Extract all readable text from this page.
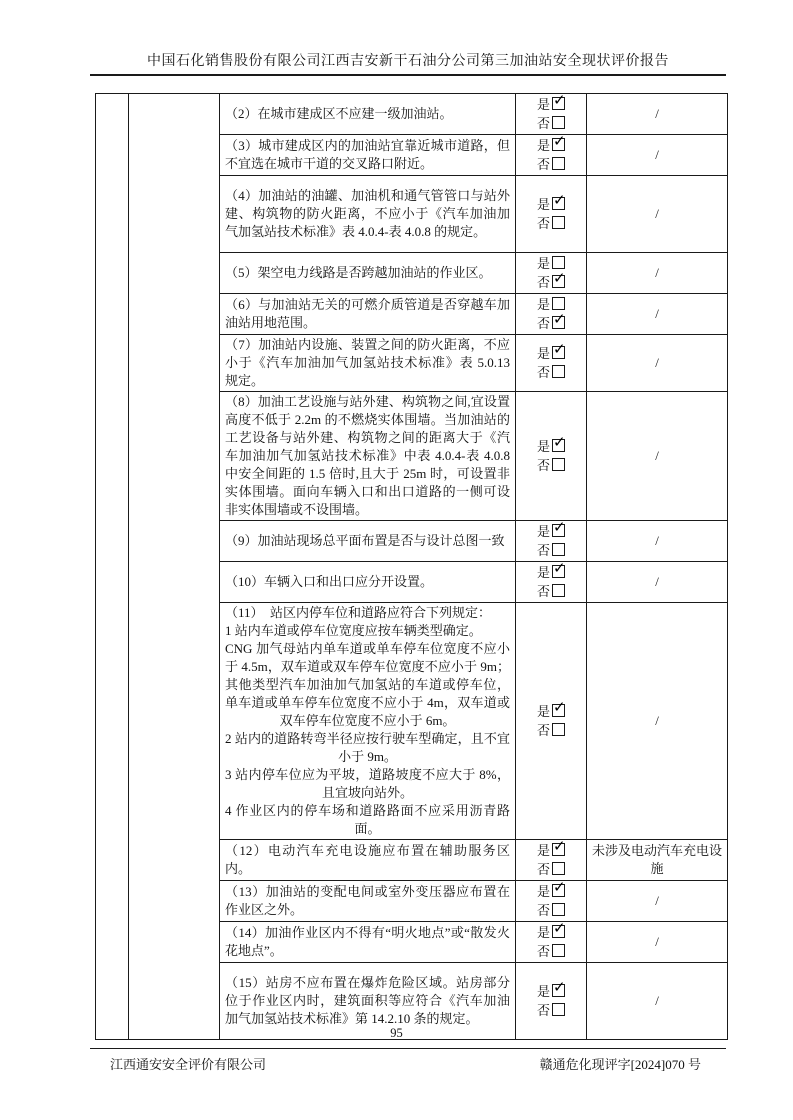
中国石化销售股份有限公司江西吉安新干石油分公司第三加油站安全现状评价报告

		（2）在城市建成区不应建一级加油站。	是✓
否	/

		（3）城市建成区内的加油站宜靠近城市道路，但不宜选在城市干道的交叉路口附近。	是✓
否	/

		（4）加油站的油罐、加油机和通气管管口与站外建、构筑物的防火距离，不应小于《汽车加油加气加氢站技术标准》表 4.0.4-表 4.0.8 的规定。	是✓
否	/

		（5）架空电力线路是否跨越加油站的作业区。	是
否✓	/

		（6）与加油站无关的可燃介质管道是否穿越车加油站用地范围。	是
否✓	/

		（7）加油站内设施、装置之间的防火距离，不应小于《汽车加油加气加氢站技术标准》表 5.0.13 规定。	是✓
否	/

		（8）加油工艺设施与站外建、构筑物之间,宜设置高度不低于 2.2m 的不燃烧实体围墙。当加油站的工艺设备与站外建、构筑物之间的距离大于《汽车加油加气加氢站技术标准》中表 4.0.4-表 4.0.8 中安全间距的 1.5 倍时,且大于 25m 时，可设置非实体围墙。面向车辆入口和出口道路的一侧可设非实体围墙或不设围墙。	是✓
否	/

		（9）加油站现场总平面布置是否与设计总图一致	是✓
否	/

		（10）车辆入口和出口应分开设置。	是✓
否	/

（11）　站区内停车位和道路应符合下列规定：
1 站内车道或停车位宽度应按车辆类型确定。
CNG 加气母站内单车道或单车停车位宽度不应小于 4.5m，双车道或双车停车位宽度不应小于 9m；其他类型汽车加油加气加氢站的车道或停车位，单车道或单车停车位宽度不应小于 4m，双车道或双车停车位宽度不应小于 6m。
2 站内的道路转弯半径应按行驶车型确定，且不宜小于 9m。
3 站内停车位应为平坡，道路坡度不应大于 8%，且宜坡向站外。
4 作业区内的停车场和道路路面不应采用沥青路面。

是✓
否
	/

		（12）电动汽车充电设施应布置在辅助服务区内。	是✓
否	未涉及电动汽车充电设施

		（13）加油站的变配电间或室外变压器应布置在作业区之外。	是✓
否	/

		（14）加油作业区内不得有“明火地点”或“散发火花地点”。	是✓
否	/

		（15）站房不应布置在爆炸危险区域。站房部分位于作业区内时，建筑面积等应符合《汽车加油加气加氢站技术标准》第 14.2.10 条的规定。	是✓
否	/
95
江西通安安全评价有限公司	赣通危化现评字[2024]070 号
